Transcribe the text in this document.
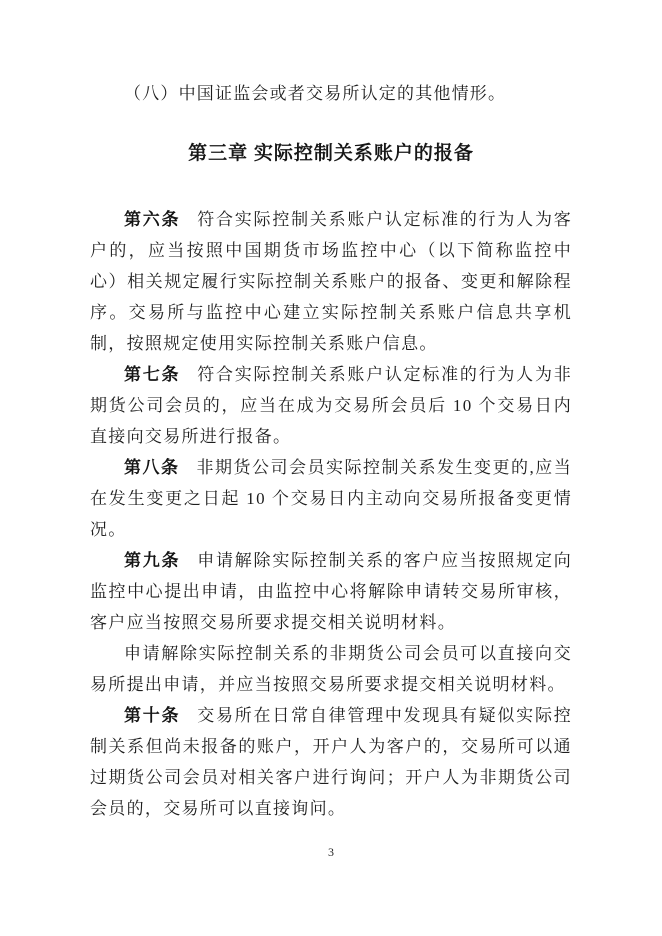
（八）中国证监会或者交易所认定的其他情形。

第三章 实际控制关系账户的报备

第六条 符合实际控制关系账户认定标准的行为人为客户的，应当按照中国期货市场监控中心（以下简称监控中心）相关规定履行实际控制关系账户的报备、变更和解除程序。交易所与监控中心建立实际控制关系账户信息共享机制，按照规定使用实际控制关系账户信息。

第七条 符合实际控制关系账户认定标准的行为人为非期货公司会员的，应当在成为交易所会员后 10 个交易日内直接向交易所进行报备。

第八条 非期货公司会员实际控制关系发生变更的,应当在发生变更之日起 10 个交易日内主动向交易所报备变更情况。

第九条 申请解除实际控制关系的客户应当按照规定向监控中心提出申请，由监控中心将解除申请转交易所审核，客户应当按照交易所要求提交相关说明材料。

申请解除实际控制关系的非期货公司会员可以直接向交易所提出申请，并应当按照交易所要求提交相关说明材料。

第十条 交易所在日常自律管理中发现具有疑似实际控制关系但尚未报备的账户，开户人为客户的，交易所可以通过期货公司会员对相关客户进行询问；开户人为非期货公司会员的，交易所可以直接询问。

3
